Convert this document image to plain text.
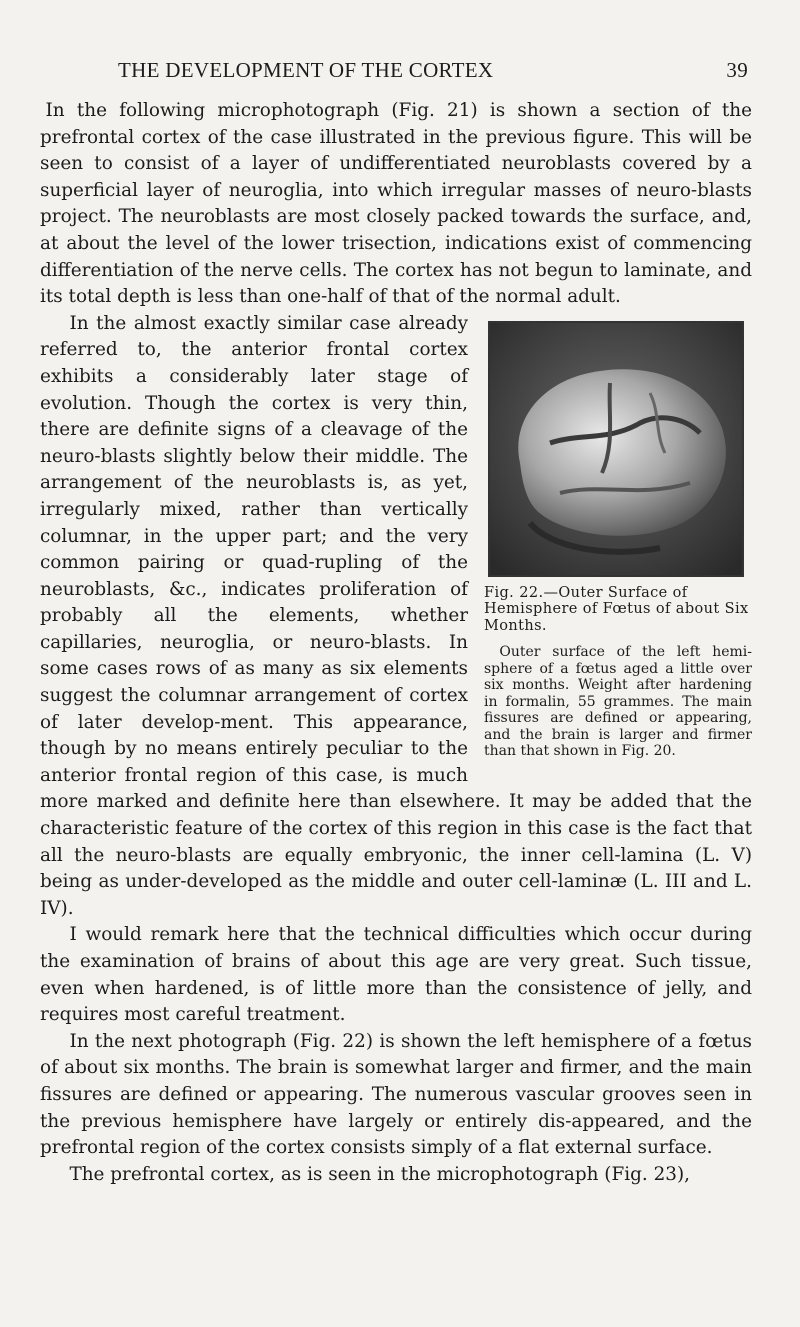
THE DEVELOPMENT OF THE CORTEX	39

In the following microphotograph (Fig. 21) is shown a section of the prefrontal cortex of the case illustrated in the previous figure. This will be seen to consist of a layer of undifferentiated neuroblasts covered by a superficial layer of neuroglia, into which irregular masses of neuro-blasts project. The neuroblasts are most closely packed towards the surface, and, at about the level of the lower trisection, indications exist of commencing differentiation of the nerve cells. The cortex has not begun to laminate, and its total depth is less than one-half of that of the normal adult.

Fig. 22.—Outer Surface of Hemisphere of Fœtus of about Six Months.
Outer surface of the left hemi-sphere of a fœtus aged a little over six months. Weight after hardening in formalin, 55 grammes. The main fissures are defined or appearing, and the brain is larger and firmer than that shown in Fig. 20.
In the almost exactly similar case already referred to, the anterior frontal cortex exhibits a considerably later stage of evolution. Though the cortex is very thin, there are definite signs of a cleavage of the neuro-blasts slightly below their middle. The arrangement of the neuroblasts is, as yet, irregularly mixed, rather than vertically columnar, in the upper part; and the very common pairing or quad-rupling of the neuroblasts, &c., indicates proliferation of probably all the elements, whether capillaries, neuroglia, or neuro-blasts. In some cases rows of as many as six elements suggest the columnar arrangement of cortex of later develop-ment. This appearance, though by no means entirely peculiar to the anterior frontal region of this case, is much more marked and definite here than elsewhere. It may be added that the characteristic feature of the cortex of this region in this case is the fact that all the neuro-blasts are equally embryonic, the inner cell-lamina (L. V) being as under-developed as the middle and outer cell-laminæ (L. III and L. IV).

I would remark here that the technical difficulties which occur during the examination of brains of about this age are very great. Such tissue, even when hardened, is of little more than the consistence of jelly, and requires most careful treatment.

In the next photograph (Fig. 22) is shown the left hemisphere of a fœtus of about six months. The brain is somewhat larger and firmer, and the main fissures are defined or appearing. The numerous vascular grooves seen in the previous hemisphere have largely or entirely dis-appeared, and the prefrontal region of the cortex consists simply of a flat external surface.

The prefrontal cortex, as is seen in the microphotograph (Fig. 23),
